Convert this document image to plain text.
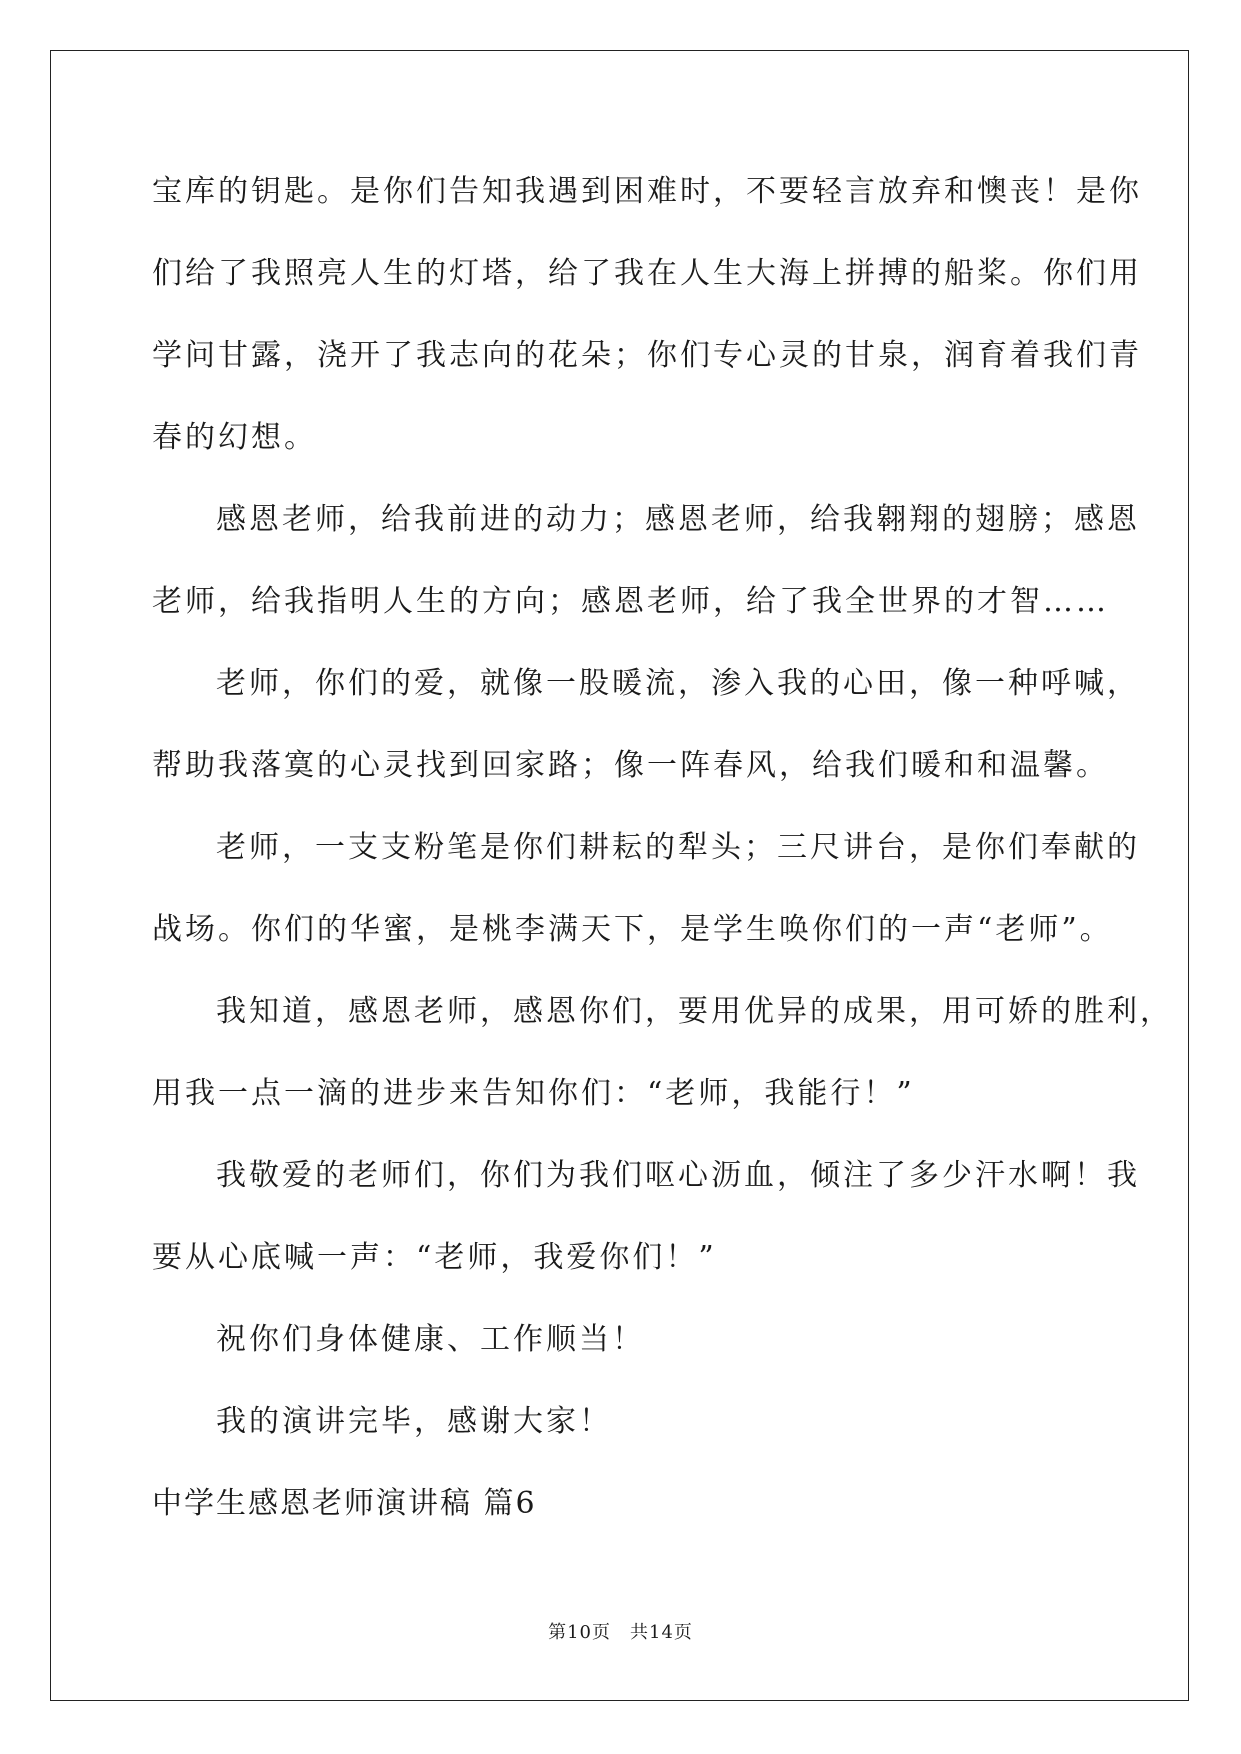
宝库的钥匙。是你们告知我遇到困难时，不要轻言放弃和懊丧！是你
们给了我照亮人生的灯塔，给了我在人生大海上拼搏的船桨。你们用
学问甘露，浇开了我志向的花朵；你们专心灵的甘泉，润育着我们青
春的幻想。
感恩老师，给我前进的动力；感恩老师，给我翱翔的翅膀；感恩
老师，给我指明人生的方向；感恩老师，给了我全世界的才智……
老师，你们的爱，就像一股暖流，渗入我的心田，像一种呼喊，
帮助我落寞的心灵找到回家路；像一阵春风，给我们暖和和温馨。
老师，一支支粉笔是你们耕耘的犁头；三尺讲台，是你们奉献的
战场。你们的华蜜，是桃李满天下，是学生唤你们的一声“老师”。
我知道，感恩老师，感恩你们，要用优异的成果，用可娇的胜利，
用我一点一滴的进步来告知你们：“老师，我能行！”
我敬爱的老师们，你们为我们呕心沥血，倾注了多少汗水啊！我
要从心底喊一声：“老师，我爱你们！”
祝你们身体健康、工作顺当！
我的演讲完毕，感谢大家！
中学生感恩老师演讲稿 篇6
第10页　共14页
